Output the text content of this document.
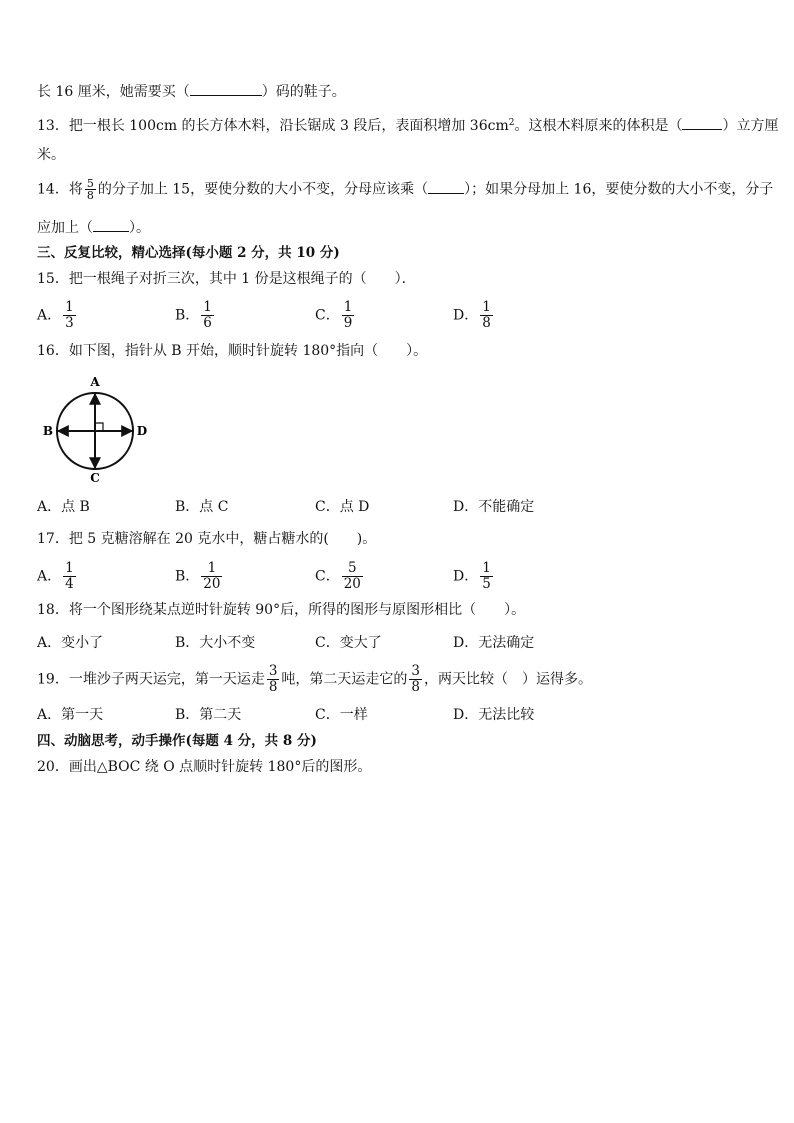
长 16 厘米，她需要买（	）码的鞋子。
13．把一根长 100cm 的长方体木料，沿长锯成 3 段后，表面积增加 $36cm^2$。这根木料原来的体积是（	）立方厘
米。
14．将 $\frac{5}{8}$ 的分子加上 15，要使分数的大小不变，分母应该乘（	）；如果分母加上 16，要使分数的大小不变，分子
应加上（	）。
三、反复比较，精心选择(每小题 2 分，共 10 分)
15．把一根绳子对折三次，其中 1 份是这根绳子的（　　）．
A． $\frac{1}{3}$	B． $\frac{1}{6}$	C． $\frac{1}{9}$	D． $\frac{1}{8}$
16．如下图，指针从 B 开始，顺时针旋转 180°指向（　　）。
A
B	D
C
A．点 B	B．点 C	C．点 D	D．不能确定
17．把 5 克糖溶解在 20 克水中，糖占糖水的(　　)。
A． $\frac{1}{4}$	B． $\frac{1}{20}$	C． $\frac{5}{20}$	D． $\frac{1}{5}$
18．将一个图形绕某点逆时针旋转 90°后，所得的图形与原图形相比（　　）。
A．变小了	B．大小不变	C．变大了	D．无法确定
19．一堆沙子两天运完，第一天运走 $\frac{3}{8}$ 吨，第二天运走它的 $\frac{3}{8}$ ，两天比较（　）运得多。
A．第一天	B．第二天	C．一样	D．无法比较
四、动脑思考，动手操作(每题 4 分，共 8 分)
20．画出△BOC 绕 O 点顺时针旋转 180°后的图形。
